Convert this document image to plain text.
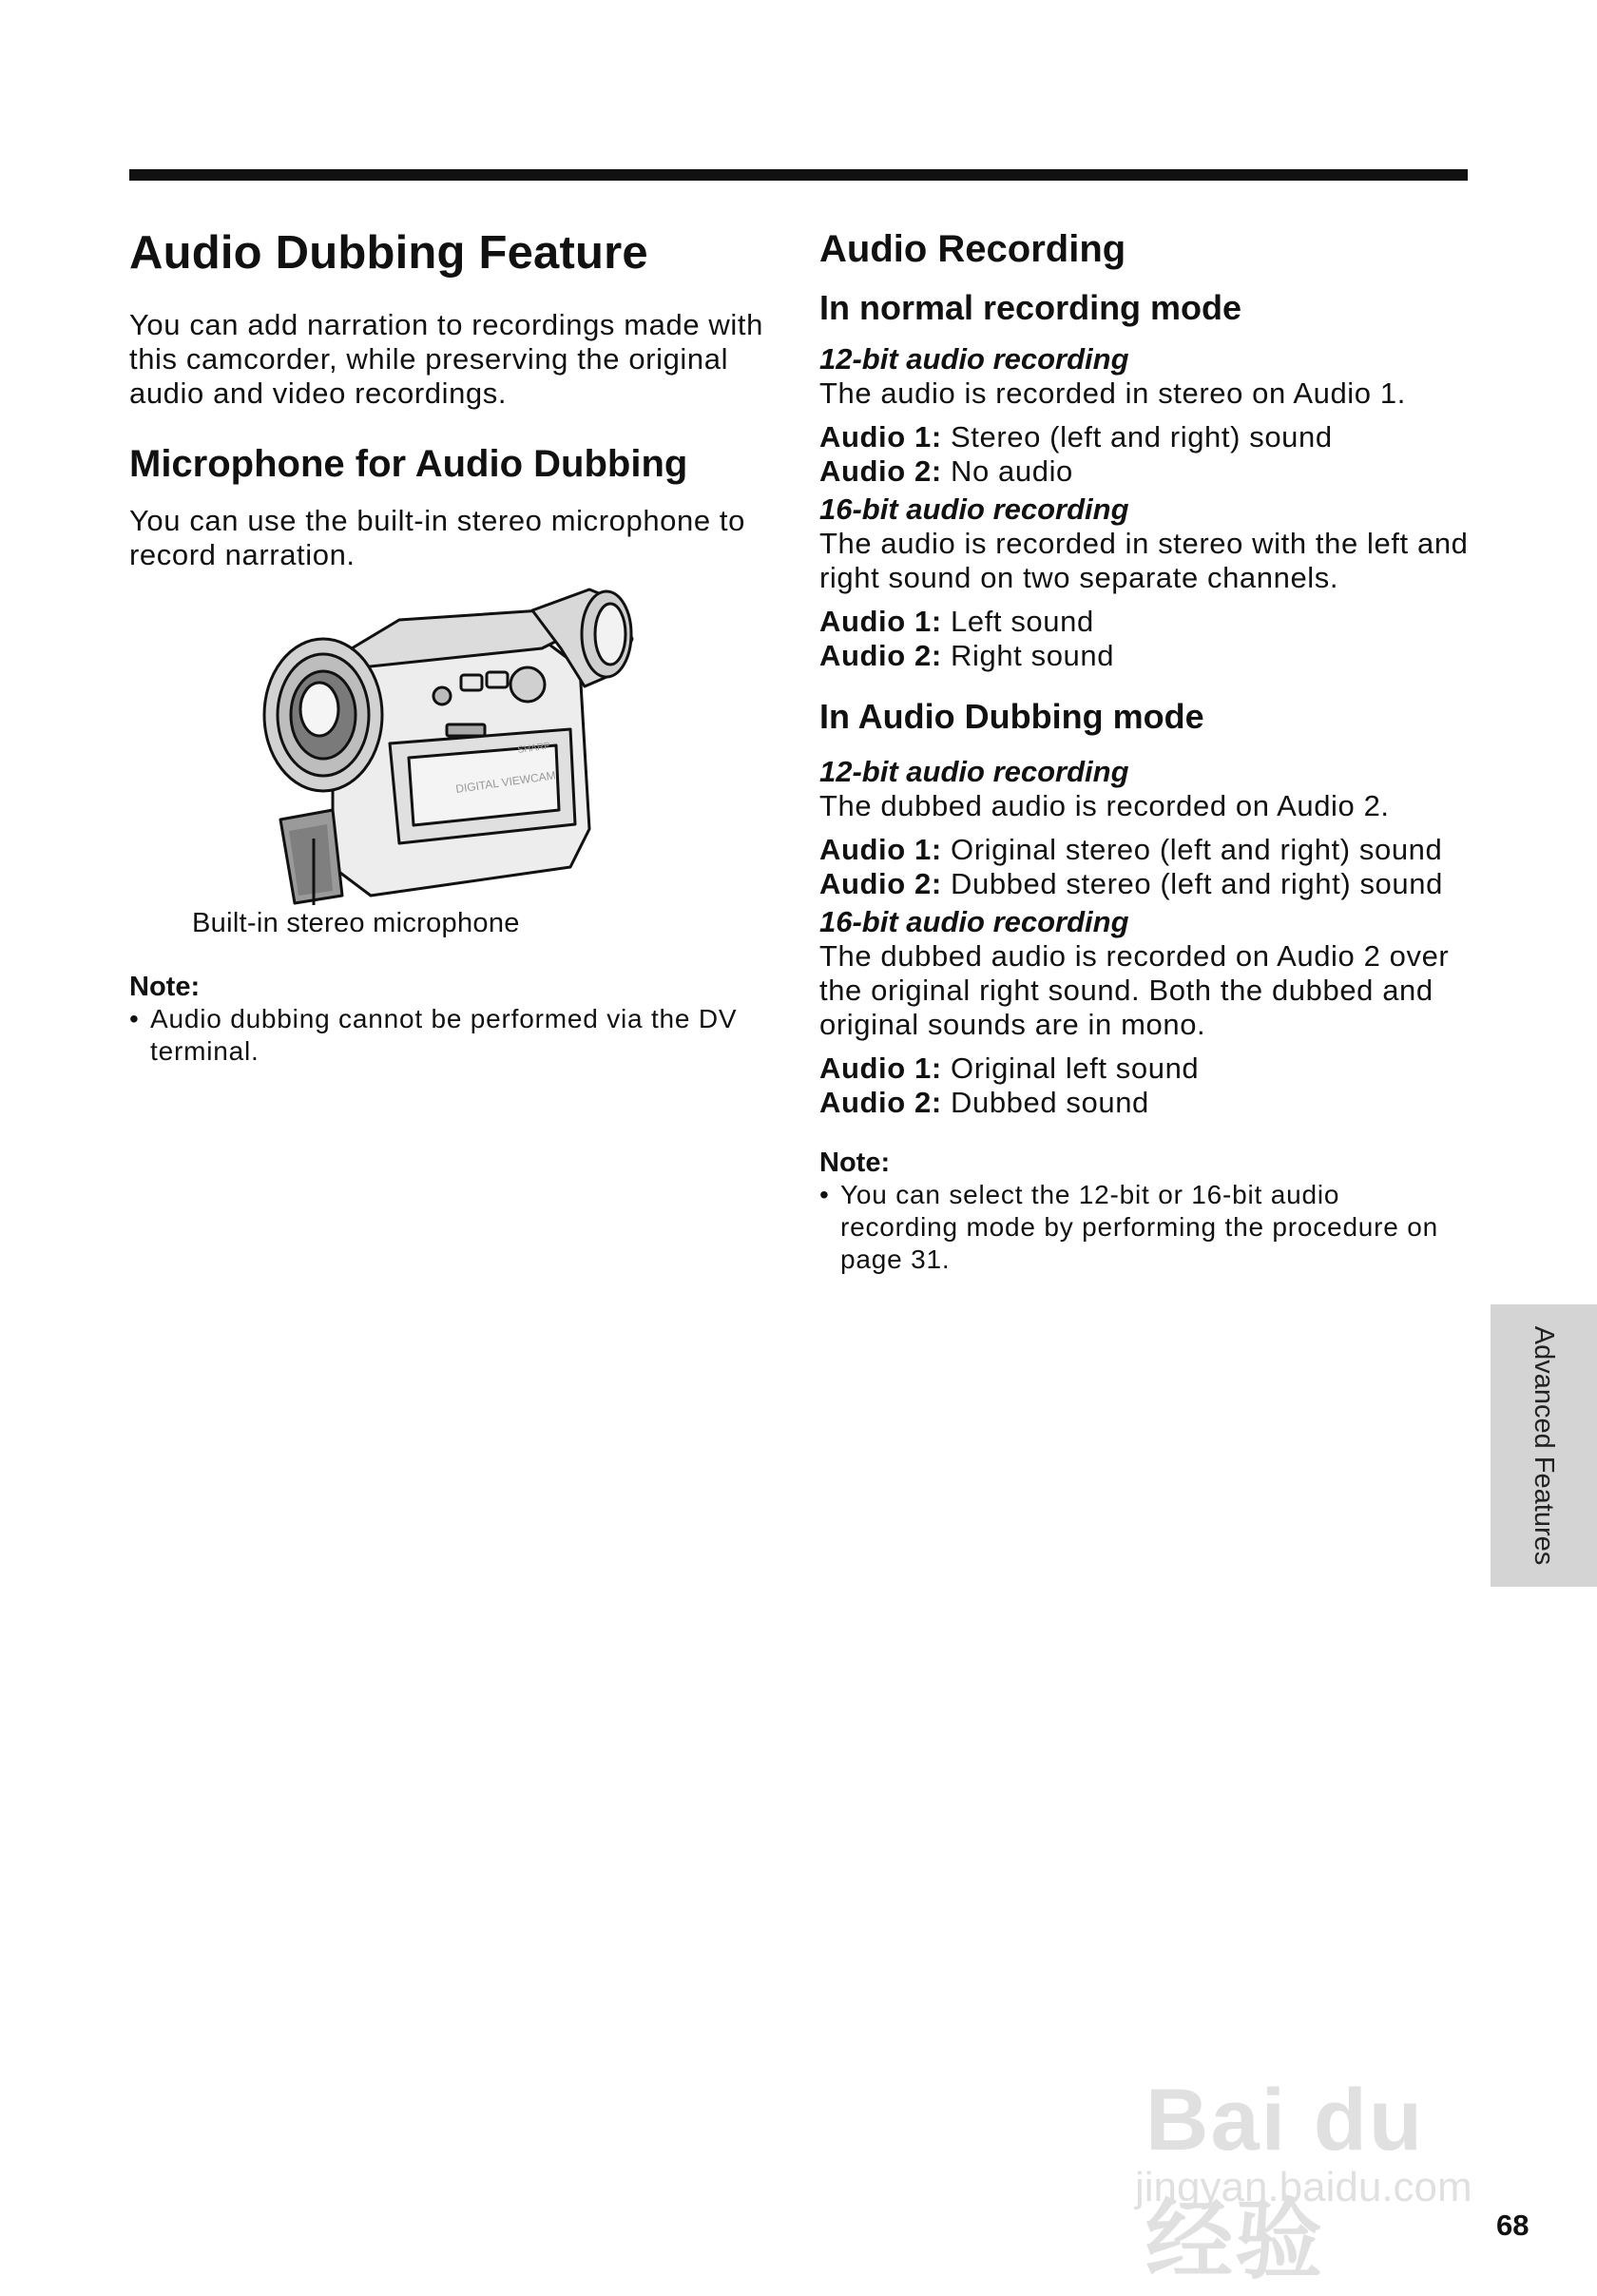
Audio Dubbing Feature

You can add narration to recordings made with

this camcorder, while preserving the original

audio and video recordings.

Microphone for Audio Dubbing

You can use the built-in stereo microphone to

record narration.

DIGITAL VIEWCAM
SHARP
Built-in stereo microphone
Note:
• Audio dubbing cannot be performed via the DV
terminal.
Audio Recording
In normal recording mode
12-bit audio recording

The audio is recorded in stereo on Audio 1.

Audio 1: Stereo (left and right) sound

Audio 2: No audio

16-bit audio recording

The audio is recorded in stereo with the left and

right sound on two separate channels.

Audio 1: Left sound

Audio 2: Right sound

In Audio Dubbing mode
12-bit audio recording

The dubbed audio is recorded on Audio 2.

Audio 1: Original stereo (left and right) sound

Audio 2: Dubbed stereo (left and right) sound

16-bit audio recording

The dubbed audio is recorded on Audio 2 over

the original right sound. Both the dubbed and

original sounds are in mono.

Audio 1: Original left sound

Audio 2: Dubbed sound

Note:
• You can select the 12-bit or 16-bit audio
recording mode by performing the procedure on
page 31.
Advanced Features
Bai du 经验
jingyan.baidu.com
68
